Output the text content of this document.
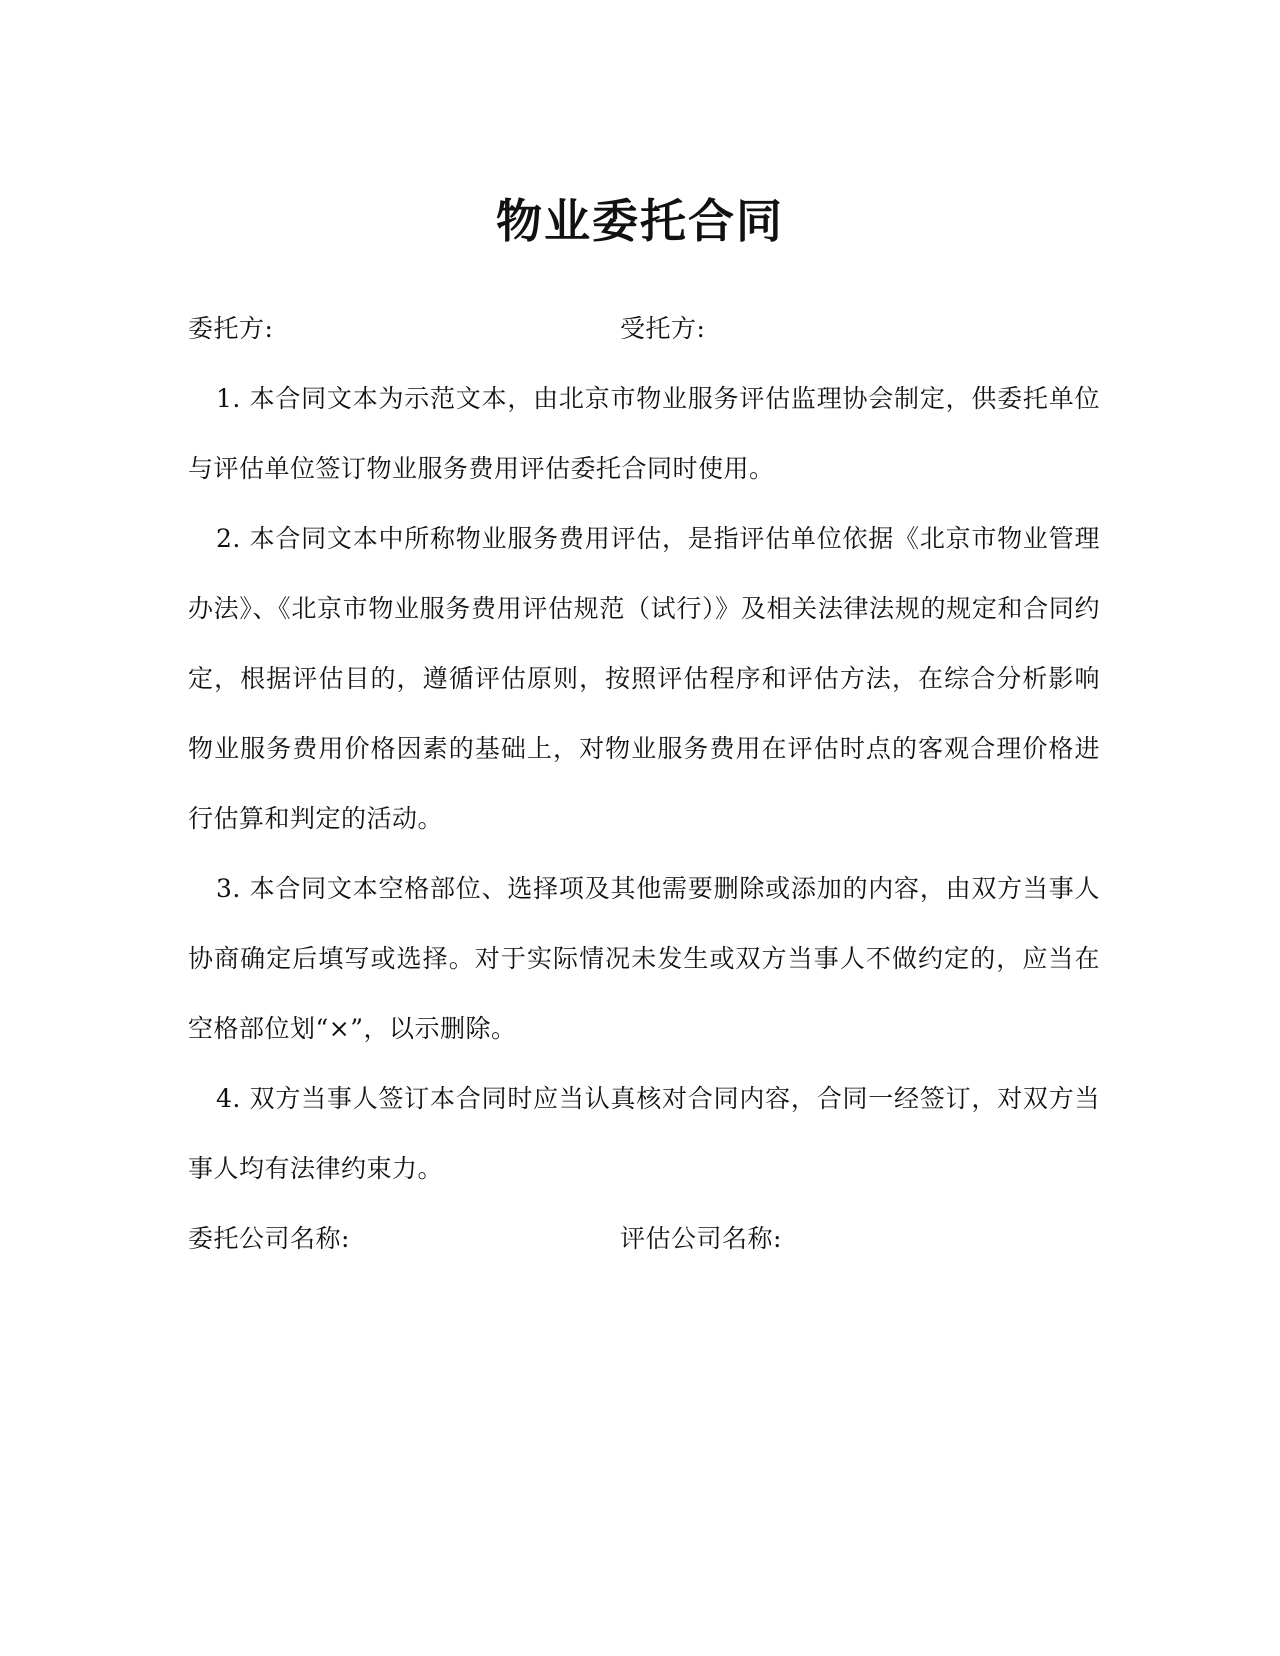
物业委托合同
委托方:	受托方:

1. 本合同文本为示范文本，由北京市物业服务评估监理协会制定，供委托单位与评估单位签订物业服务费用评估委托合同时使用。

2. 本合同文本中所称物业服务费用评估，是指评估单位依据《北京市物业管理办法》、《北京市物业服务费用评估规范（试行）》及相关法律法规的规定和合同约定，根据评估目的，遵循评估原则，按照评估程序和评估方法，在综合分析影响物业服务费用价格因素的基础上，对物业服务费用在评估时点的客观合理价格进行估算和判定的活动。

3. 本合同文本空格部位、选择项及其他需要删除或添加的内容，由双方当事人协商确定后填写或选择。对于实际情况未发生或双方当事人不做约定的，应当在空格部位划“×”，以示删除。

4. 双方当事人签订本合同时应当认真核对合同内容，合同一经签订，对双方当事人均有法律约束力。

委托公司名称:	评估公司名称:
